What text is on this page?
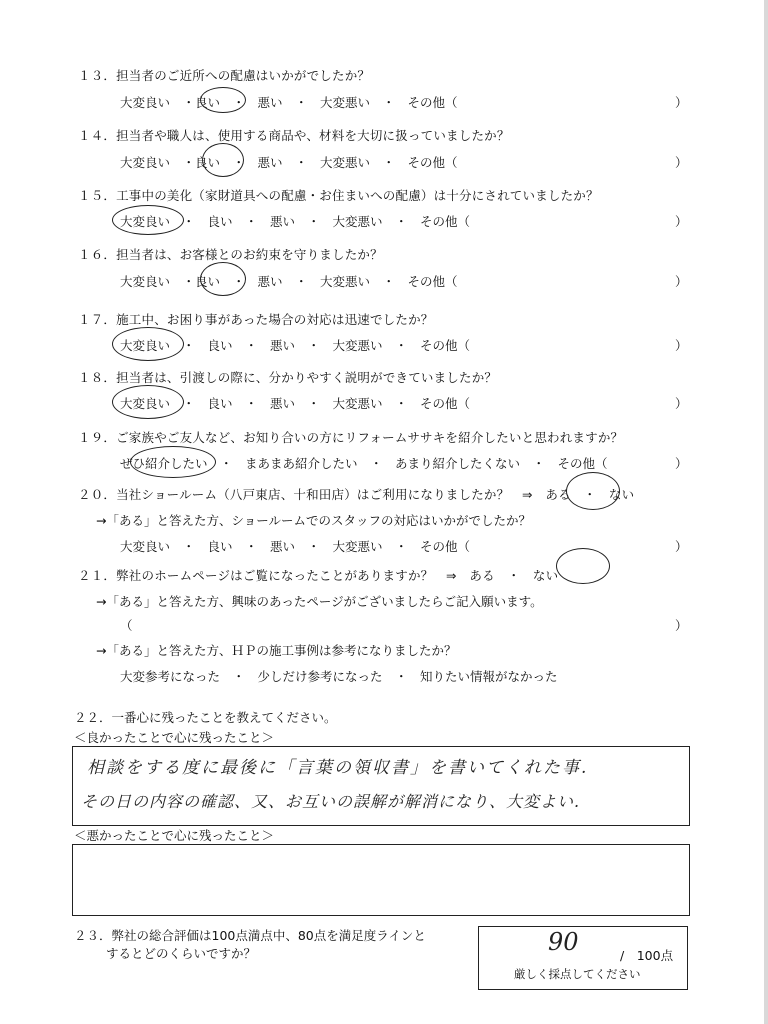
１３．担当者のご近所への配慮はいかがでしたか？
大変良い　・良い　・　悪い　・　大変悪い　・　その他（	）
１４．担当者や職人は、使用する商品や、材料を大切に扱っていましたか？
大変良い　・良い　・　悪い　・　大変悪い　・　その他（	）
１５．工事中の美化（家財道具への配慮・お住まいへの配慮）は十分にされていましたか？
大変良い　・　良い　・　悪い　・　大変悪い　・　その他（	）
１６．担当者は、お客様とのお約束を守りましたか？
大変良い　・良い　・　悪い　・　大変悪い　・　その他（	）
１７．施工中、お困り事があった場合の対応は迅速でしたか？
大変良い　・　良い　・　悪い　・　大変悪い　・　その他（	）
１８．担当者は、引渡しの際に、分かりやすく説明ができていましたか？
大変良い　・　良い　・　悪い　・　大変悪い　・　その他（	）
１９．ご家族やご友人など、お知り合いの方にリフォームササキを紹介したいと思われますか？
ぜひ紹介したい　・　まあまあ紹介したい　・　あまり紹介したくない　・　その他（	）
２０．当社ショールーム（八戸東店、十和田店）はご利用になりましたか？　⇒　ある　・　ない
→「ある」と答えた方、ショールームでのスタッフの対応はいかがでしたか？
大変良い　・　良い　・　悪い　・　大変悪い　・　その他（	）
２１．弊社のホームページはご覧になったことがありますか？　⇒　ある　・　ない
→「ある」と答えた方、興味のあったページがございましたらご記入願います。
（	）
→「ある」と答えた方、ＨＰの施工事例は参考になりましたか？
大変参考になった　・　少しだけ参考になった　・　知りたい情報がなかった
２２．一番心に残ったことを教えてください。
＜良かったことで心に残ったこと＞
相談をする度に最後に「言葉の領収書」を書いてくれた事.
その日の内容の確認、又、お互いの誤解が解消になり、大変よい.
＜悪かったことで心に残ったこと＞
２３．弊社の総合評価は100点満点中、80点を満足度ラインと
するとどのくらいですか？	90	/　100点
厳しく採点してください
